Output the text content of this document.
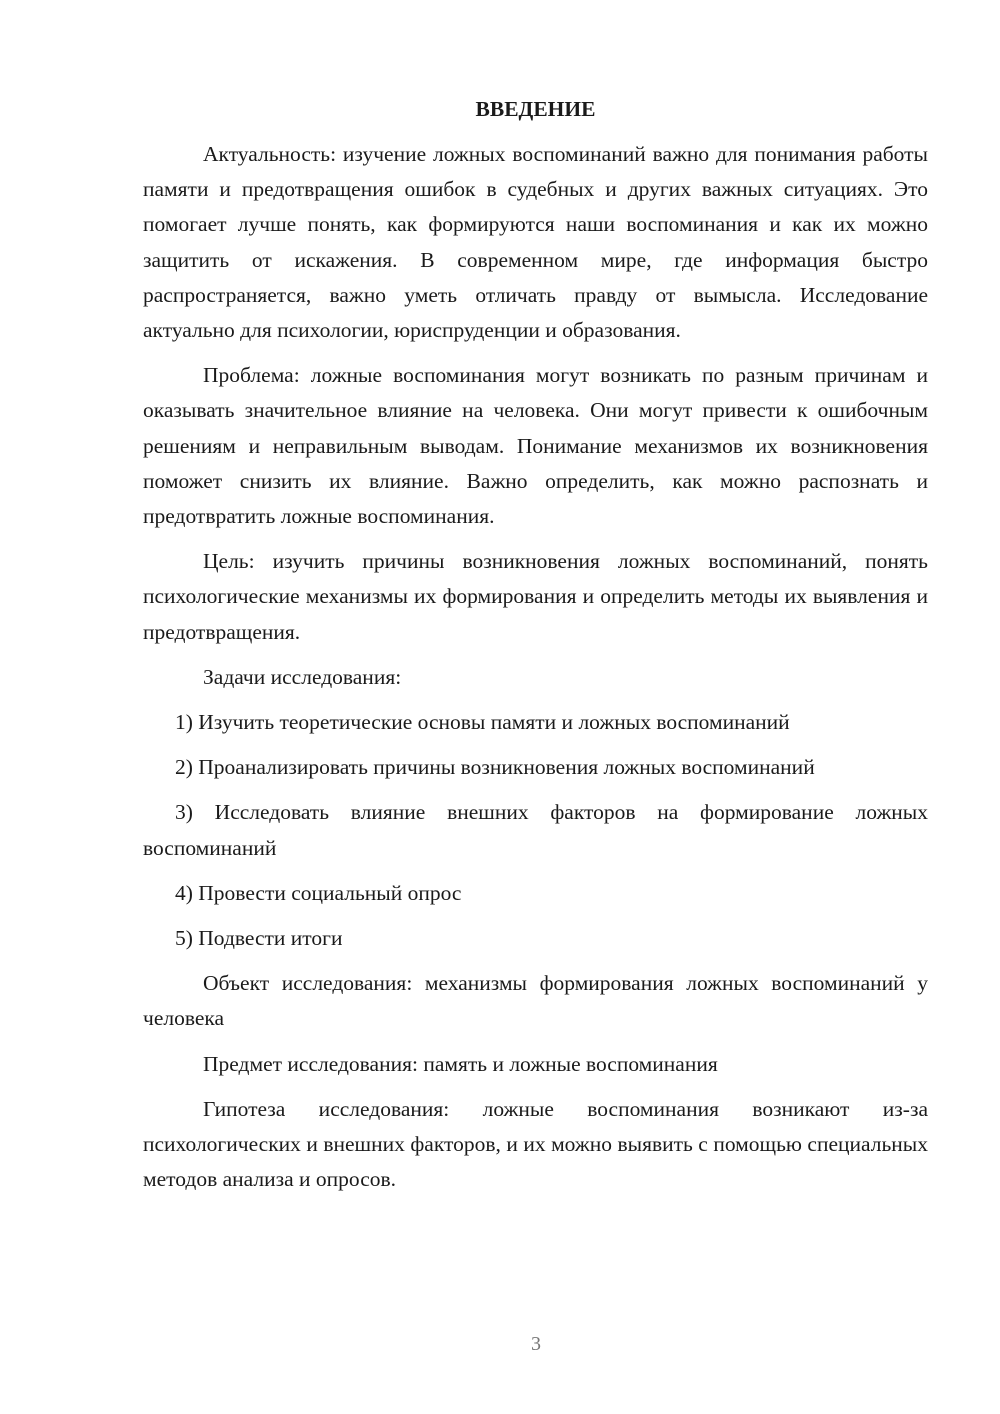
ВВЕДЕНИЕ

Актуальность: изучение ложных воспоминаний важно для понимания работы памяти и предотвращения ошибок в судебных и других важных ситуациях. Это помогает лучше понять, как формируются наши воспоминания и как их можно защитить от искажения. В современном мире, где информация быстро распространяется, важно уметь отличать правду от вымысла. Исследование актуально для психологии, юриспруденции и образования.

Проблема: ложные воспоминания могут возникать по разным причинам и оказывать значительное влияние на человека. Они могут привести к ошибочным решениям и неправильным выводам. Понимание механизмов их возникновения поможет снизить их влияние. Важно определить, как можно распознать и предотвратить ложные воспоминания.

Цель: изучить причины возникновения ложных воспоминаний, понять психологические механизмы их формирования и определить методы их выявления и предотвращения.

Задачи исследования:

1) Изучить теоретические основы памяти и ложных воспоминаний

2) Проанализировать причины возникновения ложных воспоминаний

3) Исследовать влияние внешних факторов на формирование ложных воспоминаний

4) Провести социальный опрос

5) Подвести итоги

Объект исследования: механизмы формирования ложных воспоминаний у человека

Предмет исследования: память и ложные воспоминания

Гипотеза исследования: ложные воспоминания возникают из-за психологических и внешних факторов, и их можно выявить с помощью специальных методов анализа и опросов.

3
